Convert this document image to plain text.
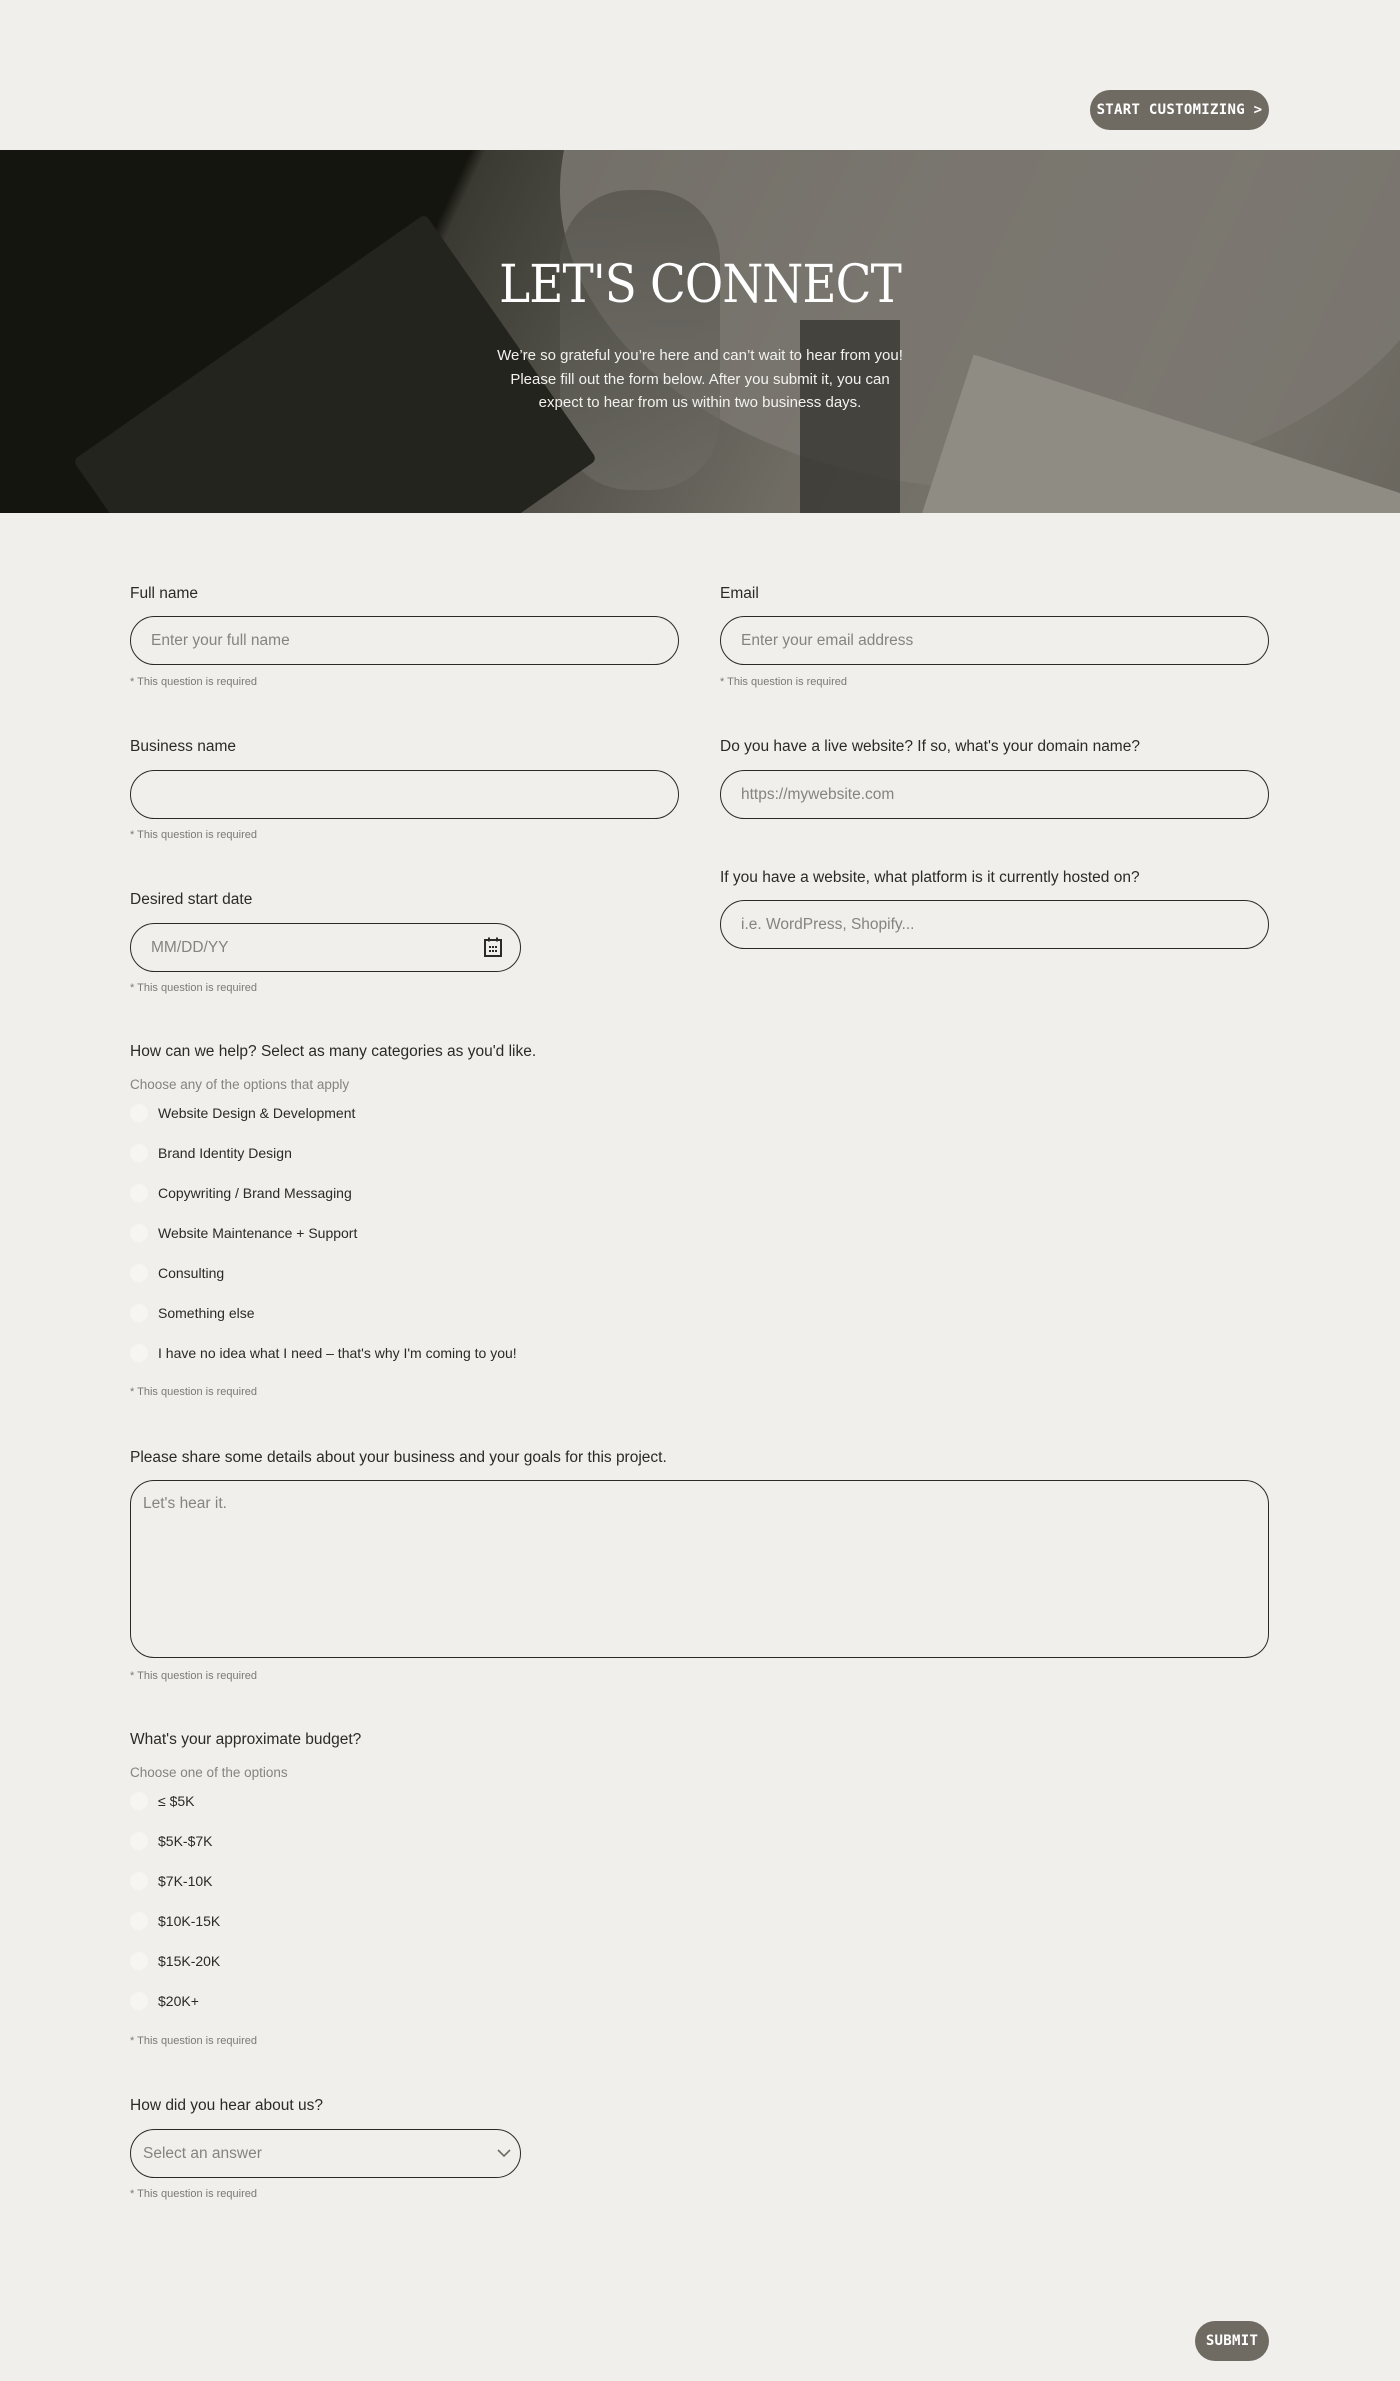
START CUSTOMIZING >
LET'S CONNECT
We’re so grateful you’re here and can’t wait to hear from you! Please fill out the form below. After you submit it, you can expect to hear from us within two business days.
Full name
Enter your full name
* This question is required
Email
Enter your email address
* This question is required
Business name
* This question is required
Do you have a live website? If so, what's your domain name?
https://mywebsite.com
If you have a website, what platform is it currently hosted on?
i.e. WordPress, Shopify...
Desired start date
MM/DD/YY
* This question is required
How can we help? Select as many categories as you'd like.
Choose any of the options that apply
Website Design & Development
Brand Identity Design
Copywriting / Brand Messaging
Website Maintenance + Support
Consulting
Something else
I have no idea what I need – that's why I'm coming to you!
* This question is required
Please share some details about your business and your goals for this project.
Let's hear it.
* This question is required
What's your approximate budget?
Choose one of the options
≤ $5K
$5K-$7K
$7K-10K
$10K-15K
$15K-20K
$20K+
* This question is required
How did you hear about us?
Select an answer
* This question is required
SUBMIT
